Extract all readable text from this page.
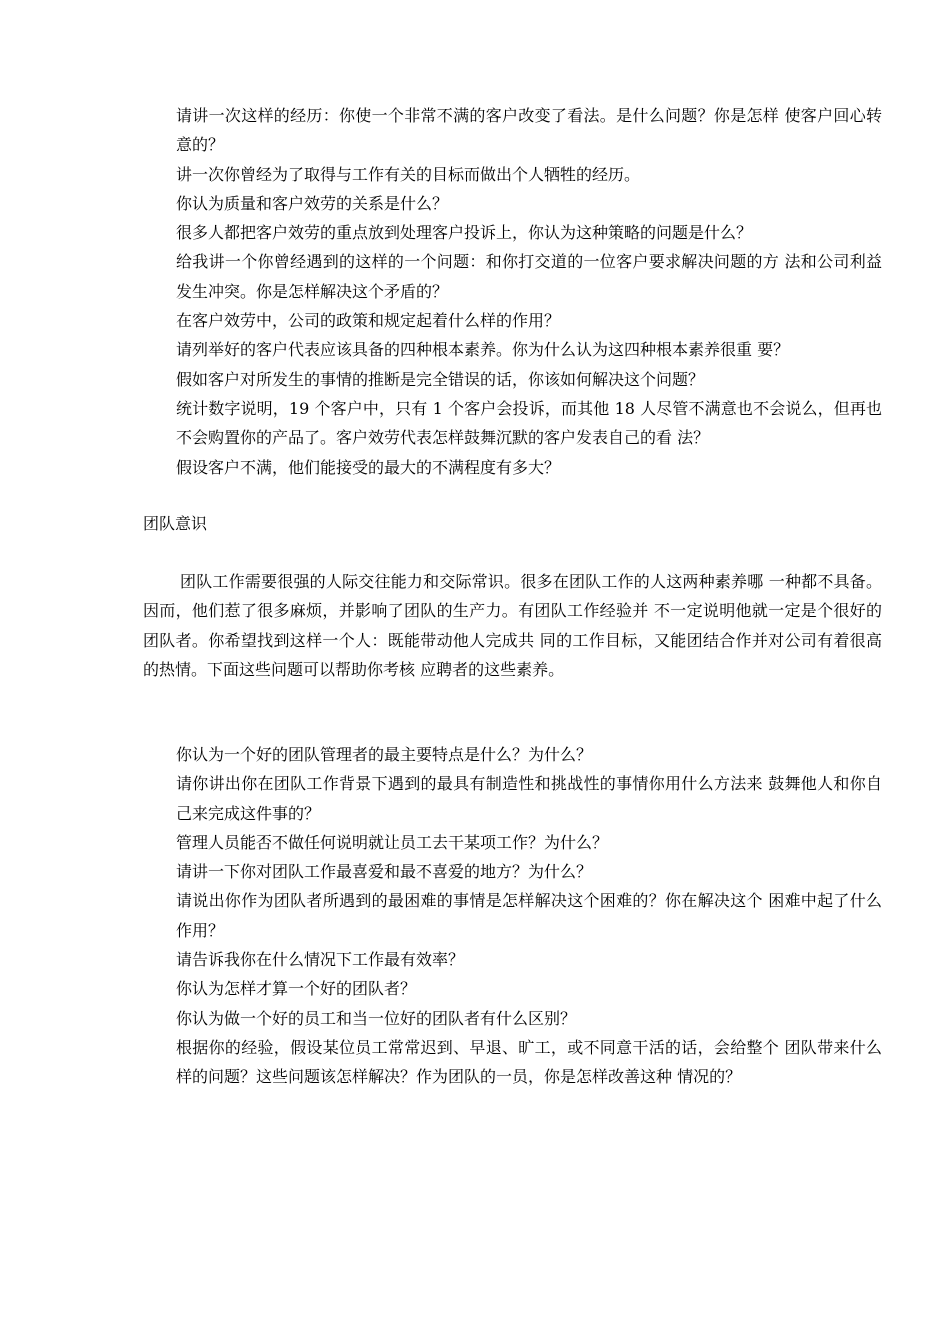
请讲一次这样的经历：你使一个非常不满的客户改变了看法。是什么问题？你是怎样 使客户回心转意的？
讲一次你曾经为了取得与工作有关的目标而做出个人牺牲的经历。
你认为质量和客户效劳的关系是什么？
很多人都把客户效劳的重点放到处理客户投诉上，你认为这种策略的问题是什么？
给我讲一个你曾经遇到的这样的一个问题：和你打交道的一位客户要求解决问题的方 法和公司利益发生冲突。你是怎样解决这个矛盾的？
在客户效劳中，公司的政策和规定起着什么样的作用？
请列举好的客户代表应该具备的四种根本素养。你为什么认为这四种根本素养很重 要？
假如客户对所发生的事情的推断是完全错误的话，你该如何解决这个问题？
统计数字说明，19 个客户中，只有 1 个客户会投诉，而其他 18 人尽管不满意也不会说么，但再也不会购置你的产品了。客户效劳代表怎样鼓舞沉默的客户发表自己的看 法？
假设客户不满，他们能接受的最大的不满程度有多大？
团队意识

团队工作需要很强的人际交往能力和交际常识。很多在团队工作的人这两种素养哪 一种都不具备。因而，他们惹了很多麻烦，并影响了团队的生产力。有团队工作经验并 不一定说明他就一定是个很好的团队者。你希望找到这样一个人：既能带动他人完成共 同的工作目标，又能团结合作并对公司有着很高的热情。下面这些问题可以帮助你考核 应聘者的这些素养。

你认为一个好的团队管理者的最主要特点是什么？为什么？
请你讲出你在团队工作背景下遇到的最具有制造性和挑战性的事情你用什么方法来 鼓舞他人和你自己来完成这件事的？
管理人员能否不做任何说明就让员工去干某项工作？为什么？
请讲一下你对团队工作最喜爱和最不喜爱的地方？为什么？
请说出你作为团队者所遇到的最困难的事情是怎样解决这个困难的？你在解决这个 困难中起了什么作用？
请告诉我你在什么情况下工作最有效率？
你认为怎样才算一个好的团队者？
你认为做一个好的员工和当一位好的团队者有什么区别？
根据你的经验，假设某位员工常常迟到、早退、旷工，或不同意干活的话，会给整个 团队带来什么样的问题？这些问题该怎样解决？作为团队的一员，你是怎样改善这种 情况的？
